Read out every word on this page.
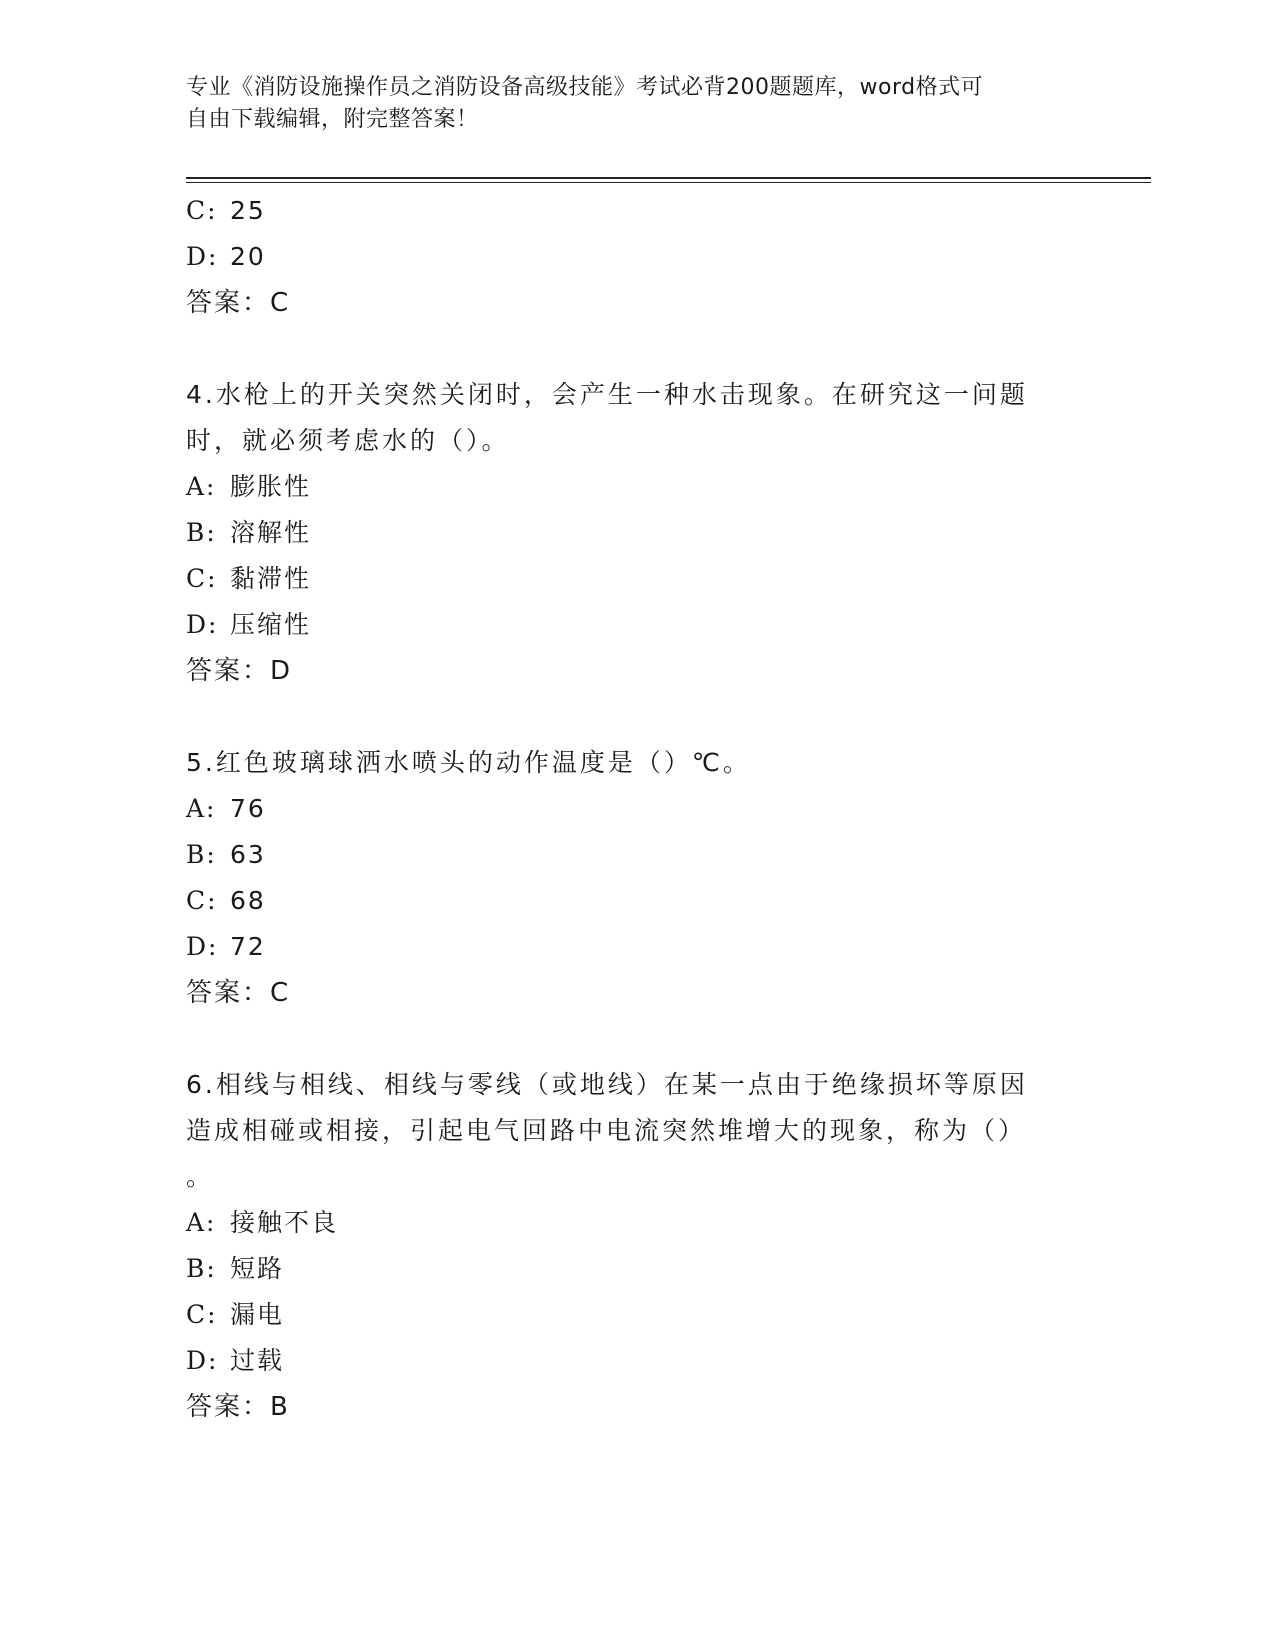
专业《消防设施操作员之消防设备高级技能》考试必背200题题库，word格式可
自由下载编辑，附完整答案！
C: 25
D: 20
答案：C
4.水枪上的开关突然关闭时，会产生一种水击现象。在研究这一问题
时，就必须考虑水的（）。
A: 膨胀性
B: 溶解性
C: 黏滞性
D: 压缩性
答案：D
5.红色玻璃球洒水喷头的动作温度是（）℃。
A: 76
B: 63
C: 68
D: 72
答案：C
6.相线与相线、相线与零线（或地线）在某一点由于绝缘损坏等原因
造成相碰或相接，引起电气回路中电流突然堆增大的现象，称为（）
。
A: 接触不良
B: 短路
C: 漏电
D: 过载
答案：B
